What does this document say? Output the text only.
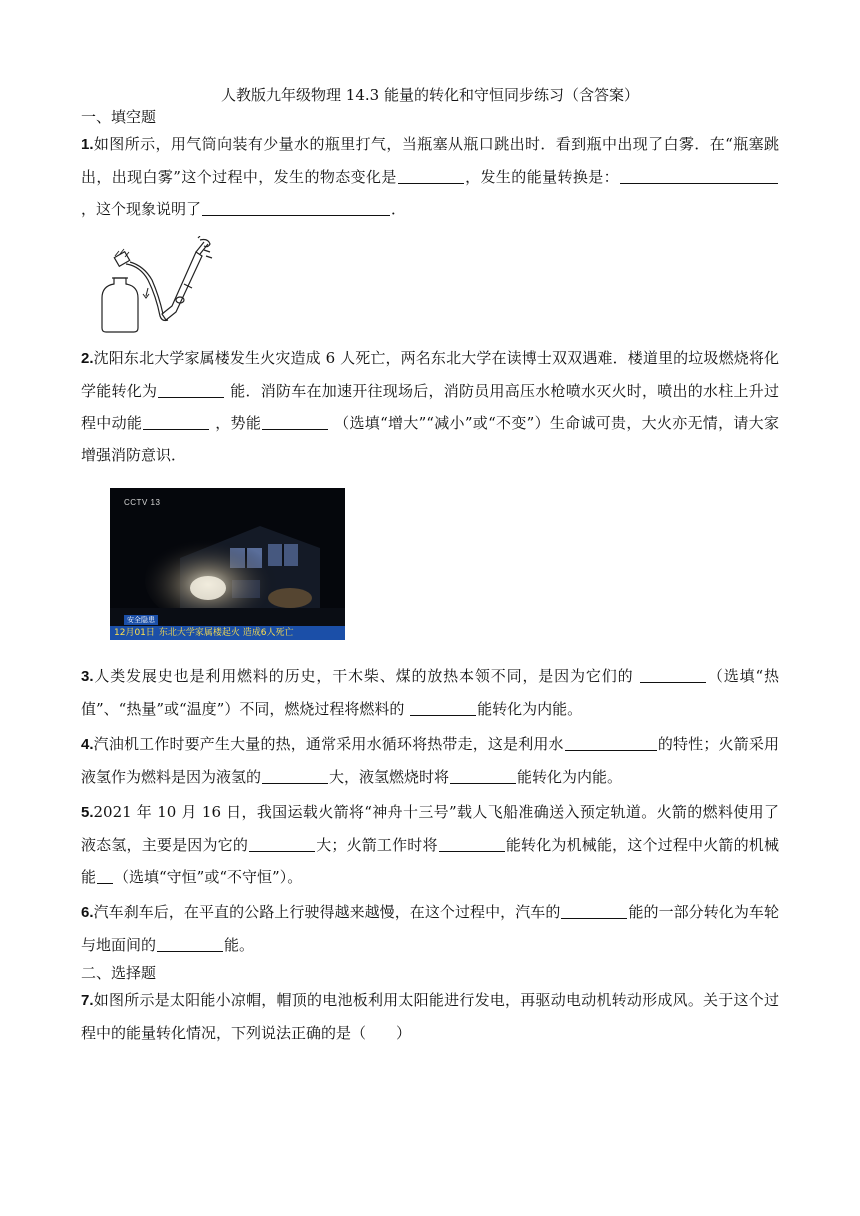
人教版九年级物理 14.3 能量的转化和守恒同步练习（含答案）
一、填空题
1.如图所示，用气筒向装有少量水的瓶里打气，当瓶塞从瓶口跳出时．看到瓶中出现了白雾．在“瓶塞跳出，出现白雾”这个过程中，发生的物态变化是	，发生的能量转换是：，这个现象说明了	．
2.沈阳东北大学家属楼发生火灾造成 6 人死亡，两名东北大学在读博士双双遇难．楼道里的垃圾燃烧将化学能转化为	能．消防车在加速开往现场后，消防员用高压水枪喷水灭火时，喷出的水柱上升过程中动能	，势能	（选填“增大”“减小”或“不变”）生命诚可贵，大火亦无情，请大家增强消防意识．
CCTV 13
安全隐患
12月01日 东北大学家属楼起火 造成6人死亡
3.人类发展史也是利用燃料的历史，干木柴、煤的放热本领不同，是因为它们的	（选填“热值”、“热量”或“温度”）不同，燃烧过程将燃料的	能转化为内能。
4.汽油机工作时要产生大量的热，通常采用水循环将热带走，这是利用水	的特性；火箭采用液氢作为燃料是因为液氢的	大，液氢燃烧时将	能转化为内能。
5.2021 年 10 月 16 日，我国运载火箭将“神舟十三号”载人飞船准确送入预定轨道。火箭的燃料使用了液态氢，主要是因为它的	大；火箭工作时将	能转化为机械能，这个过程中火箭的机械能 （选填“守恒”或“不守恒”）。
6.汽车刹车后，在平直的公路上行驶得越来越慢，在这个过程中，汽车的	能的一部分转化为车轮与地面间的	能。
二、选择题
7.如图所示是太阳能小凉帽，帽顶的电池板利用太阳能进行发电，再驱动电动机转动形成风。关于这个过程中的能量转化情况，下列说法正确的是（　　）
